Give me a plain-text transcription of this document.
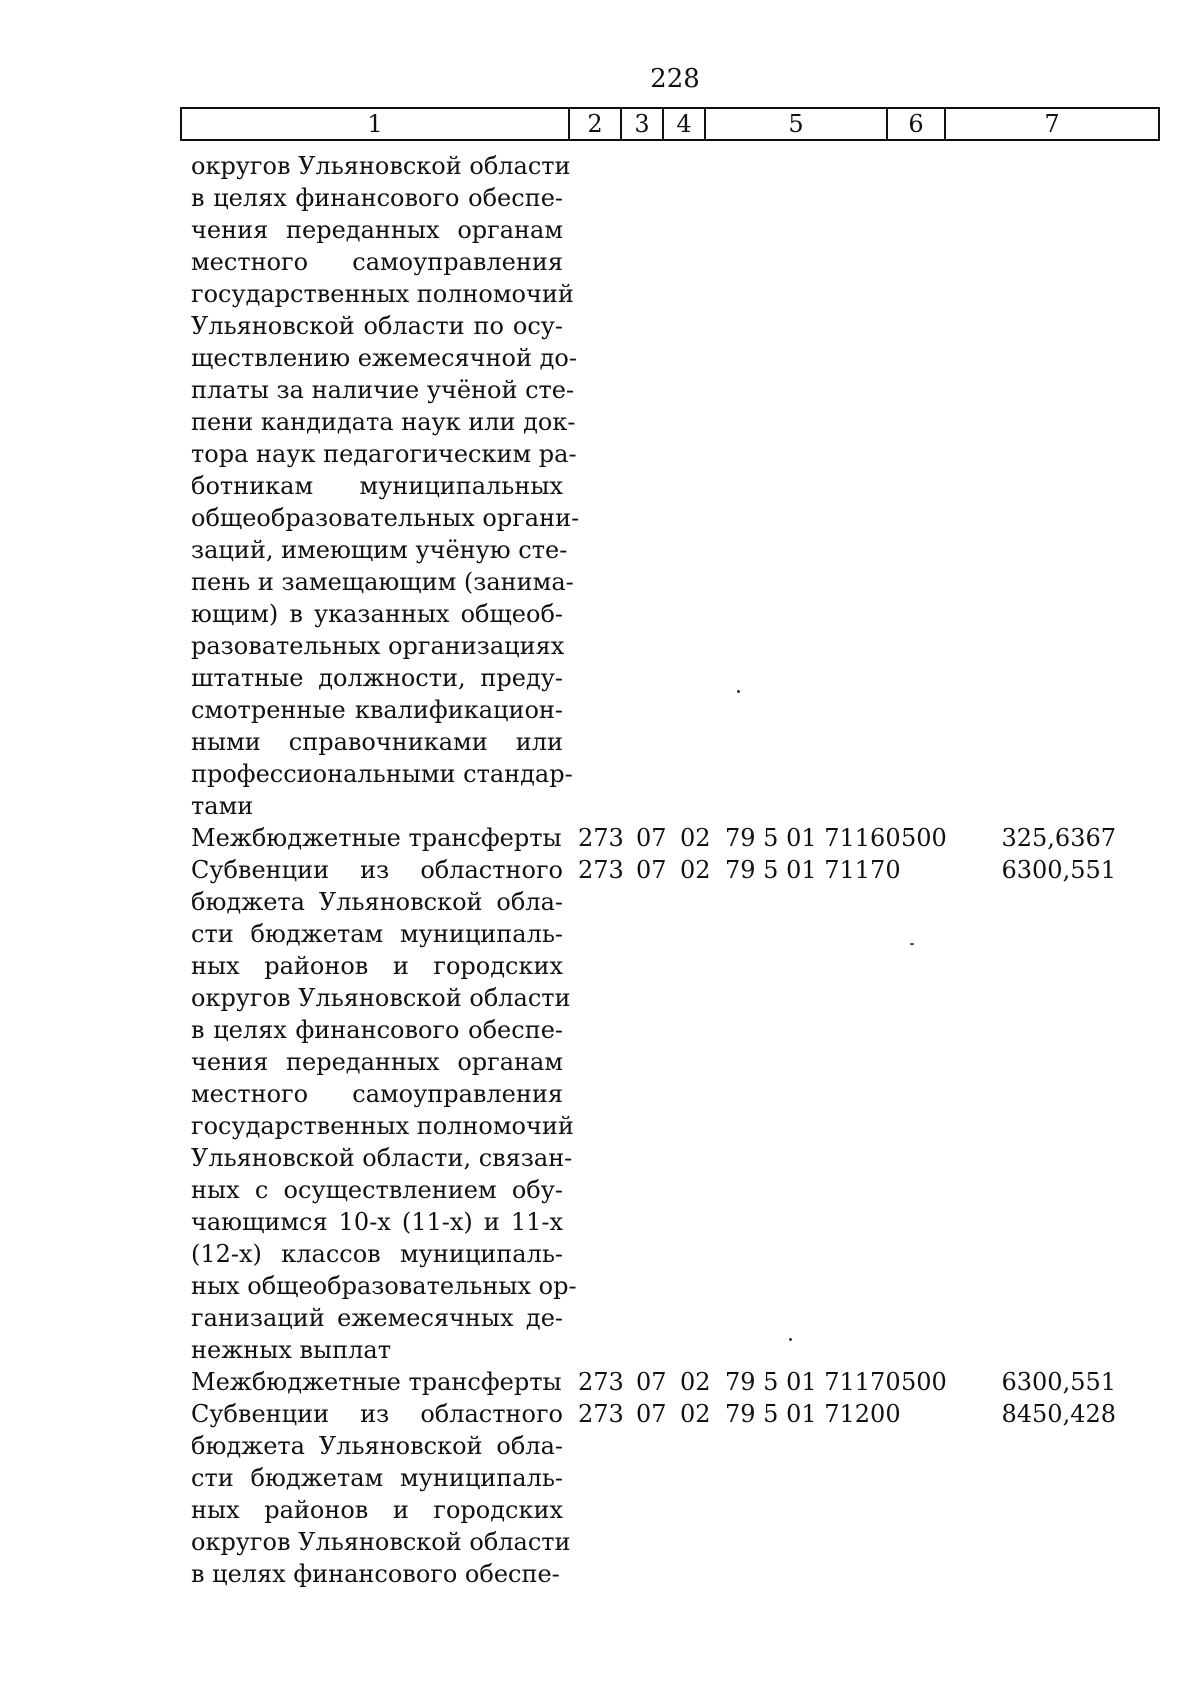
228
1	2	3	4	5	6	7
округов Ульяновской области
в целях финансового обеспе-
чения переданных органам
местного самоуправления
государственных полномочий
Ульяновской области по осу-
ществлению ежемесячной до-
платы за наличие учёной сте-
пени кандидата наук или док-
тора наук педагогическим ра-
ботникам муниципальных
общеобразовательных органи-
заций, имеющим учёную сте-
пень и замещающим (занима-
ющим) в указанных общеоб-
разовательных организациях
штатные должности, преду-
смотренные квалификацион-
ными справочниками или
профессиональными стандар-
тами
Межбюджетные трансферты 273 07 02 79 5 01 71160 500 325,6367
Субвенции из областного
бюджета Ульяновской обла-
сти бюджетам муниципаль-
ных районов и городских
округов Ульяновской области
в целях финансового обеспе-
чения переданных органам
местного самоуправления
государственных полномочий
Ульяновской области, связан-
ных с осуществлением обу-
чающимся 10-х (11-х) и 11-х
(12-х) классов муниципаль-
ных общеобразовательных ор-
ганизаций ежемесячных де-
нежных выплат
273 07 02 79 5 01 71170	6300,551
Межбюджетные трансферты 273 07 02 79 5 01 71170 500 6300,551
Субвенции из областного
бюджета Ульяновской обла-
сти бюджетам муниципаль-
ных районов и городских
округов Ульяновской области
в целях финансового обеспе-
273 07 02 79 5 01 71200	8450,428
